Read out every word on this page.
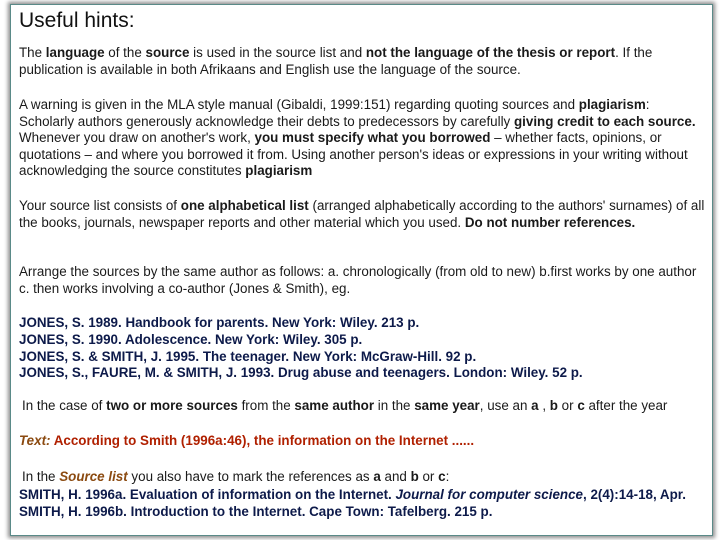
Useful hints:

The language of the source is used in the source list and not the language of the thesis or report. If the publication is available in both Afrikaans and English use the language of the source.

A warning is given in the MLA style manual (Gibaldi, 1999:151) regarding quoting sources and plagiarism: Scholarly authors generously acknowledge their debts to predecessors by carefully giving credit to each source. Whenever you draw on another's work, you must specify what you borrowed – whether facts, opinions, or quotations – and where you borrowed it from. Using another person's ideas or expressions in your writing without acknowledging the source constitutes plagiarism

Your source list consists of one alphabetical list (arranged alphabetically according to the authors' surnames) of all the books, journals, newspaper reports and other material which you used. Do not number references.

Arrange the sources by the same author as follows: a. chronologically (from old to new) b.first works by one author c. then works involving a co-author (Jones & Smith), eg.

JONES, S. 1989. Handbook for parents. New York: Wiley. 213 p.
JONES, S. 1990. Adolescence. New York: Wiley. 305 p.
JONES, S. & SMITH, J. 1995. The teenager. New York: McGraw-Hill. 92 p.
JONES, S., FAURE, M. & SMITH, J. 1993. Drug abuse and teenagers. London: Wiley. 52 p.

In the case of two or more sources from the same author in the same year, use an a , b or c after the year

Text: According to Smith (1996a:46), the information on the Internet ......

In the Source list you also have to mark the references as a and b or c:

SMITH, H. 1996a. Evaluation of information on the Internet. Journal for computer science, 2(4):14-18, Apr.
SMITH, H. 1996b. Introduction to the Internet. Cape Town: Tafelberg. 215 p.
